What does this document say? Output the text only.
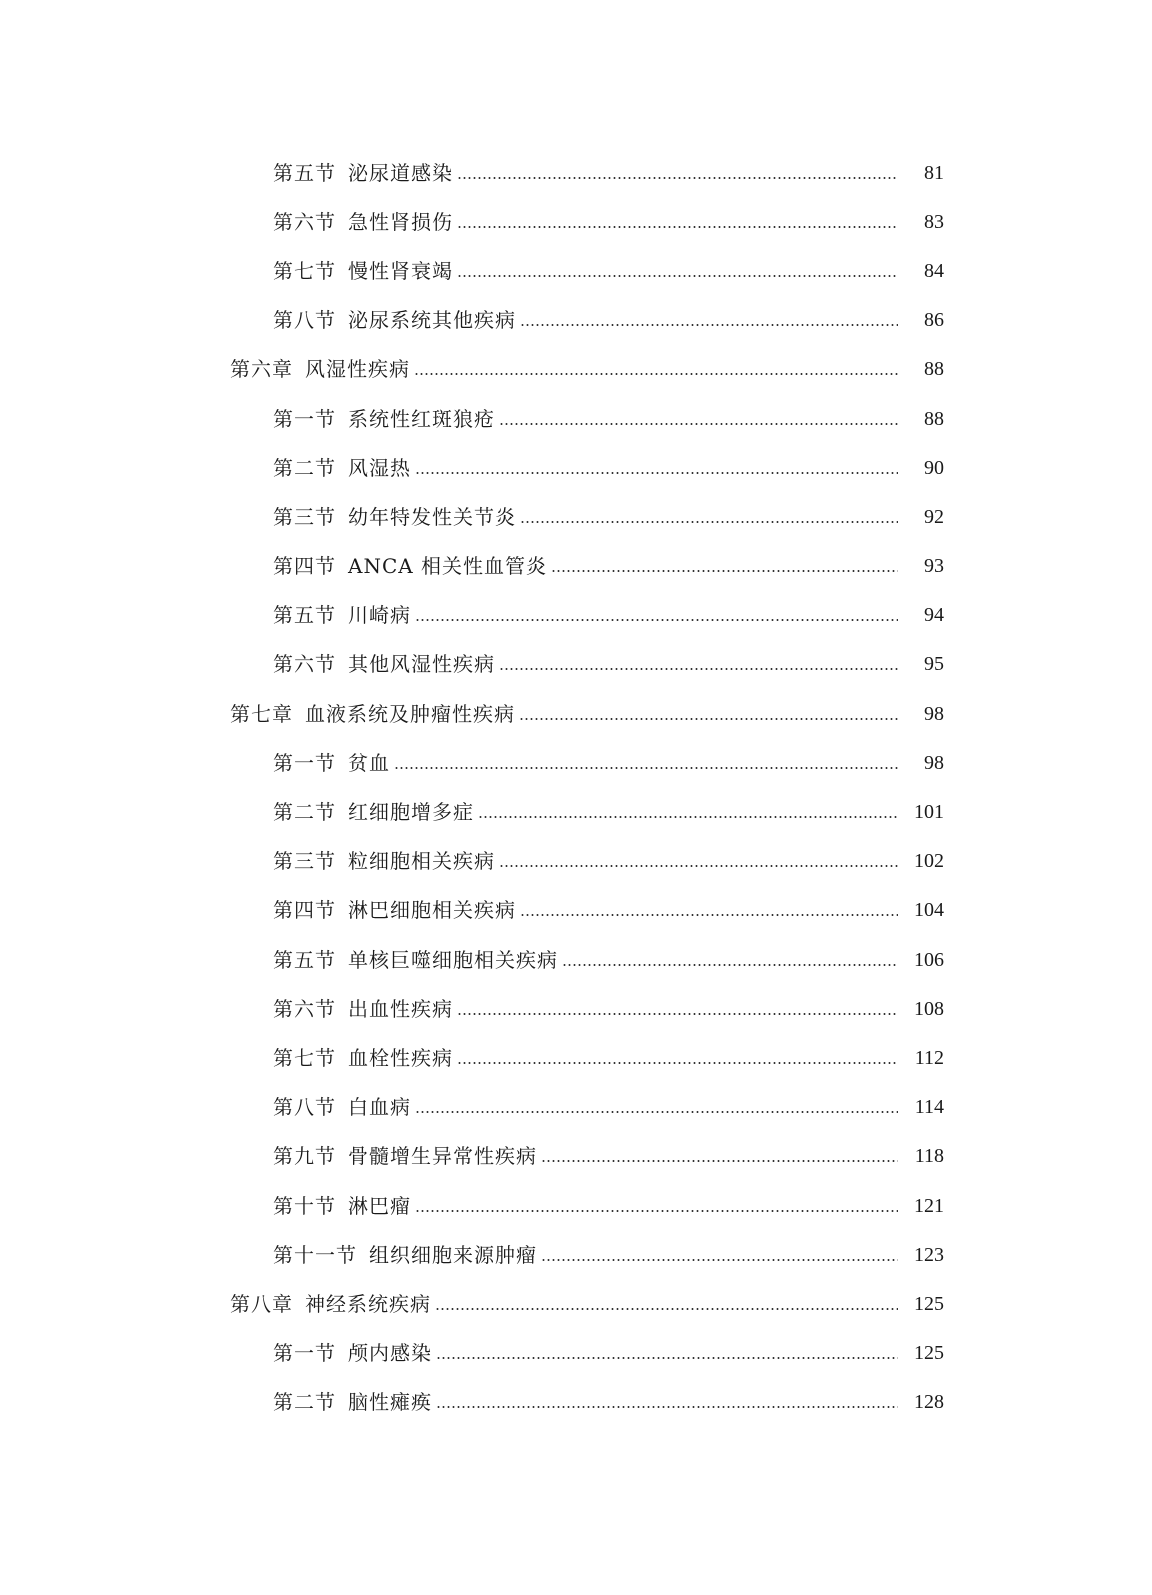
第五节 泌尿道感染	81
第六节 急性肾损伤	83
第七节 慢性肾衰竭	84
第八节 泌尿系统其他疾病	86
第六章 风湿性疾病	88
第一节 系统性红斑狼疮	88
第二节 风湿热	90
第三节 幼年特发性关节炎	92
第四节 ANCA 相关性血管炎	93
第五节 川崎病	94
第六节 其他风湿性疾病	95
第七章 血液系统及肿瘤性疾病	98
第一节 贫血	98
第二节 红细胞增多症	101
第三节 粒细胞相关疾病	102
第四节 淋巴细胞相关疾病	104
第五节 单核巨噬细胞相关疾病	106
第六节 出血性疾病	108
第七节 血栓性疾病	112
第八节 白血病	114
第九节 骨髓增生异常性疾病	118
第十节 淋巴瘤	121
第十一节 组织细胞来源肿瘤	123
第八章 神经系统疾病	125
第一节 颅内感染	125
第二节 脑性瘫痪	128
